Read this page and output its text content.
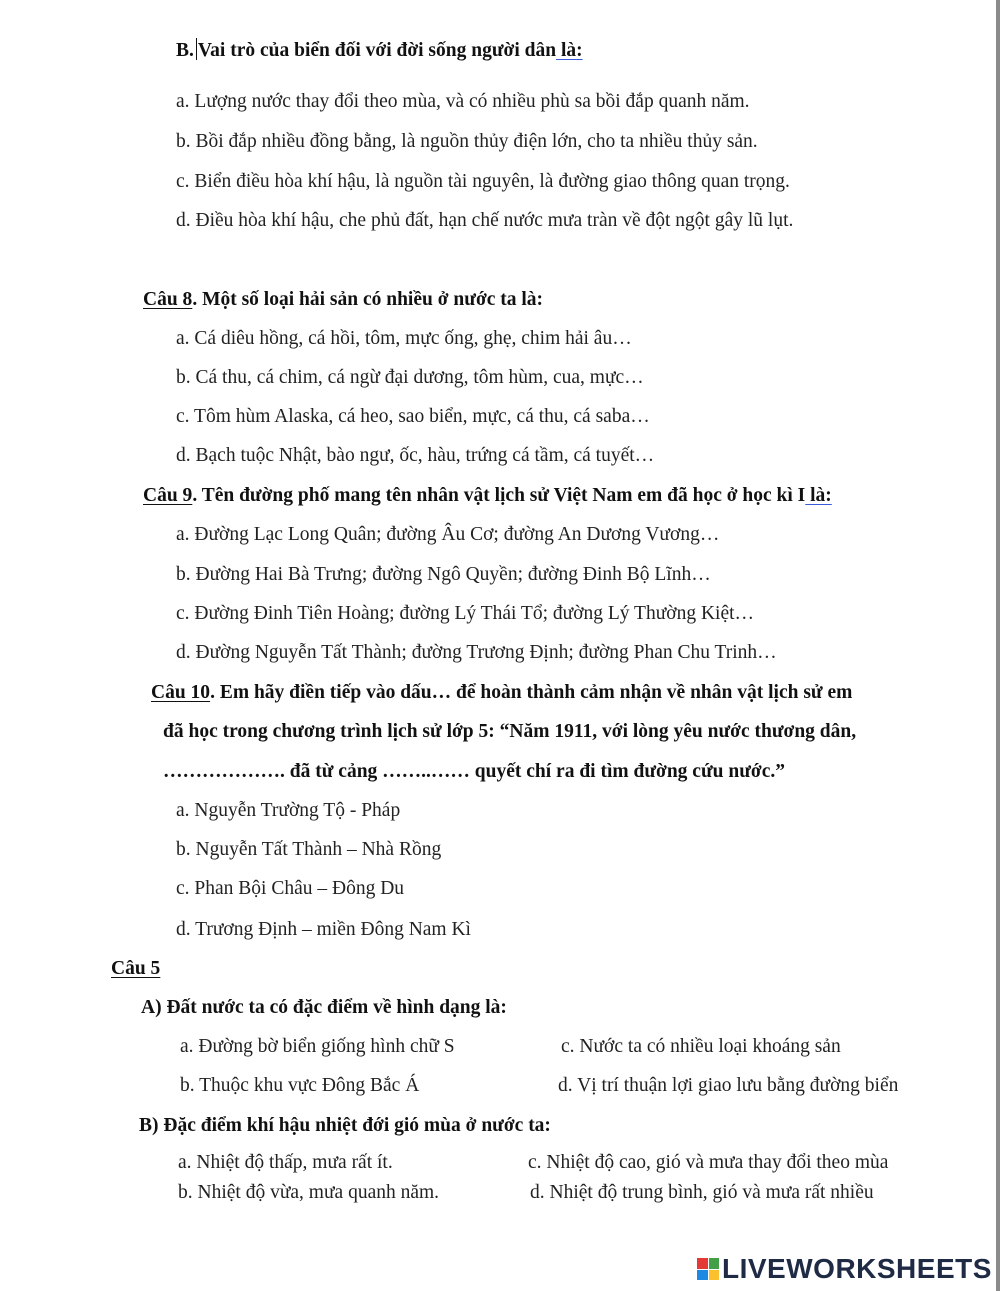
B. Vai trò của biển đối với đời sống người dân là:
a. Lượng nước thay đổi theo mùa, và có nhiều phù sa bồi đắp quanh năm.
b. Bồi đắp nhiều đồng bằng, là nguồn thủy điện lớn, cho ta nhiều thủy sản.
c. Biển điều hòa khí hậu, là nguồn tài nguyên, là đường giao thông quan trọng.
d. Điều hòa khí hậu, che phủ đất, hạn chế nước mưa tràn về đột ngột gây lũ lụt.
Câu 8. Một số loại hải sản có nhiều ở nước ta là:
a. Cá diêu hồng, cá hồi, tôm, mực ống, ghẹ, chim hải âu…
b. Cá thu, cá chim, cá ngừ đại dương, tôm hùm, cua, mực…
c. Tôm hùm Alaska, cá heo, sao biển, mực, cá thu, cá saba…
d. Bạch tuộc Nhật, bào ngư, ốc, hàu, trứng cá tầm, cá tuyết…
Câu 9. Tên đường phố mang tên nhân vật lịch sử Việt Nam em đã học ở học kì I là:
a. Đường Lạc Long Quân; đường Âu Cơ; đường An Dương Vương…
b. Đường Hai Bà Trưng; đường Ngô Quyền; đường Đinh Bộ Lĩnh…
c. Đường Đinh Tiên Hoàng; đường Lý Thái Tổ; đường Lý Thường Kiệt…
d. Đường Nguyễn Tất Thành; đường Trương Định; đường Phan Chu Trinh…
Câu 10. Em hãy điền tiếp vào dấu… để hoàn thành cảm nhận về nhân vật lịch sử em
đã học trong chương trình lịch sử lớp 5: “Năm 1911, với lòng yêu nước thương dân,
………………. đã từ cảng ……..…… quyết chí ra đi tìm đường cứu nước.”
a. Nguyễn Trường Tộ - Pháp
b. Nguyễn Tất Thành – Nhà Rồng
c. Phan Bội Châu – Đông Du
d. Trương Định – miền Đông Nam Kì
Câu 5
A) Đất nước ta có đặc điểm về hình dạng là:
a. Đường bờ biển giống hình chữ S	c. Nước ta có nhiều loại khoáng sản
b. Thuộc khu vực Đông Bắc Á	d. Vị trí thuận lợi giao lưu bằng đường biển
B) Đặc điểm khí hậu nhiệt đới gió mùa ở nước ta:
a. Nhiệt độ thấp, mưa rất ít.	c. Nhiệt độ cao, gió và mưa thay đổi theo mùa
b. Nhiệt độ vừa, mưa quanh năm.	d. Nhiệt độ trung bình, gió và mưa rất nhiều
LIVEWORKSHEETS
